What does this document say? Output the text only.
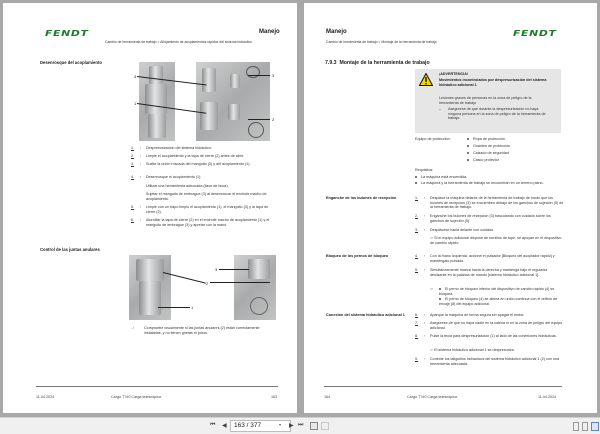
FENDT	Manejo
Cambio de herramienta de trabajo > Aflojamiento de acoplamientos rápidos del sistema hidráulico
Desenrosque del acoplamiento
3
1
3
2
1.	›	Despresurización del sistema hidráulico.
2.	›	Limpie el acoplamiento y la tapa de cierre (2) antes de abrir.
3.	›	Suelte la unión roscada del manguito (3) y del acoplamiento (1).
4.	›	Desenrosque el acoplamiento (1).
Utilizar una herramienta adecuada (llave de boca).
Sujetar el manguito de embrague (3) al desenroscar el enchufe macho de acoplamiento.
5.	›	Limpie con un trapo limpio el acoplamiento (1), el manguito (3) y la tapa de cierre (2).
6.	›	Atornillar la tapa de cierre (2) en el enchufe macho de acoplamiento (1) y el manguito de embrague (3) y apretar con la mano.
Control de las juntas anulares
3
2
1
⎯›	Compruebe visualmente si las juntas anulares (2) están correctamente instaladas, y no tienen grietas ni poros.
11.04.2024	Cargo T740 Carga telescópica	163
Manejo	FENDT
Cambio de herramienta de trabajo > Montaje de la herramienta de trabajo
7.9.3 Montaje de la herramienta de trabajo
¡ADVERTENCIA!
Movimientos incontrolados por despresurización del sistema hidráulico adicional 1
Lesiones graves de personas en la zona de peligro de la herramienta de trabajo
–	Asegúrese de que durante la despresurización no haya ninguna persona en la zona de peligro de la herramienta de trabajo.
Equipo de protección:	Ropa de protección
Guantes de protección
Calzado de seguridad
Casco protector
Requisitos:
La máquina está encendida.
La máquina y la herramienta de trabajo se encuentran en un terreno plano.
Enganche de los bulones de recepción	1.	›	Desplace la máquina delante de la herramienta de trabajo de modo que los bulones de recepción (3) se encuentren debajo de los ganchos de sujeción (5) de la herramienta de trabajo.
2.	›	Enganche los bulones de recepción (3) basculando con cuidado sobre los ganchos de sujeción (5).
3.	›	Desplácese hacia delante con cuidado.
⇨ Si el equipo adicional dispone de tornillos de tope, se apoyan en el dispositivo de cambio rápido.
Bloqueo de los pernos de bloqueo	4.	›	Con la mano izquierda, accione el pulsador [Bloqueo del acoplador rápido] y manténgalo pulsado.
5.	›	Simultáneamente mueva hacia la derecha y mantenga bajo el regulador deslizante en la palanca de mando [sistema hidráulico adicional 1].
⇨	El perno de bloqueo inferior del dispositivo de cambio rápido (4) se bloquea.
El perno de bloqueo (4) se alinea en unión continua con el orificio de encaje (8) del equipo adicional.
Conexión del sistema hidráulico adicional 1	6.	›	Aparque la máquina de forma segura sin apagar el motor.
7.	›	Asegúrese de que no haya nadie en la cabina ni en la zona de peligro del equipo adicional.
8.	›	Pulse la tecla para despresurización (1) al lado de las conexiones hidráulicas.
⇨ El sistema hidráulico adicional 1 se despresuriza.
9.	›	Conecte los latiguillos hidráulicos del sistema hidráulico adicional 1 (2) con una herramienta adecuada.
164	Cargo T740 Carga telescópica	11.04.2024
⏮ ◀	163 / 377	▾ ▶ ⏭
